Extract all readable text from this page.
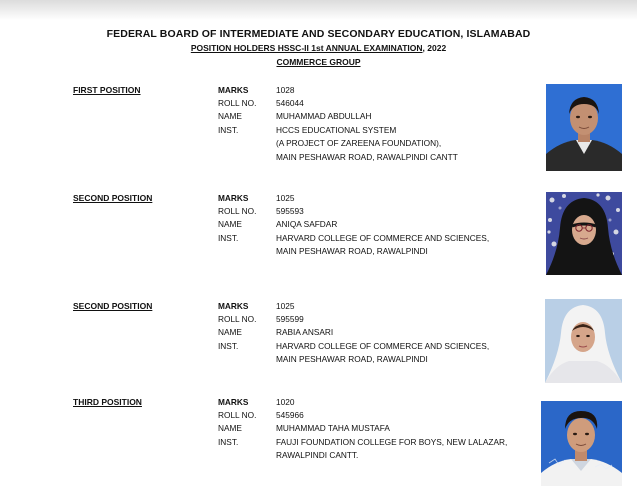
FEDERAL BOARD OF INTERMEDIATE AND SECONDARY EDUCATION, ISLAMABAD
POSITION HOLDERS HSSC-II 1st ANNUAL EXAMINATION, 2022
COMMERCE GROUP
FIRST POSITION	MARKS	1028
ROLL NO. 546044
NAME	MUHAMMAD ABDULLAH
INST.	HCCS EDUCATIONAL SYSTEM
(A PROJECT OF ZAREENA FOUNDATION),
MAIN PESHAWAR ROAD, RAWALPINDI CANTT
SECOND POSITION	MARKS	1025
ROLL NO. 595593
NAME	ANIQA SAFDAR
INST.	HARVARD COLLEGE OF COMMERCE AND SCIENCES,
MAIN PESHAWAR ROAD, RAWALPINDI
SECOND POSITION	MARKS	1025
ROLL NO. 595599
NAME	RABIA ANSARI
INST.	HARVARD COLLEGE OF COMMERCE AND SCIENCES,
MAIN PESHAWAR ROAD, RAWALPINDI
THIRD POSITION	MARKS	1020
ROLL NO. 545966
NAME	MUHAMMAD TAHA MUSTAFA
INST.	FAUJI FOUNDATION COLLEGE FOR BOYS, NEW LALAZAR,
RAWALPINDI CANTT.
